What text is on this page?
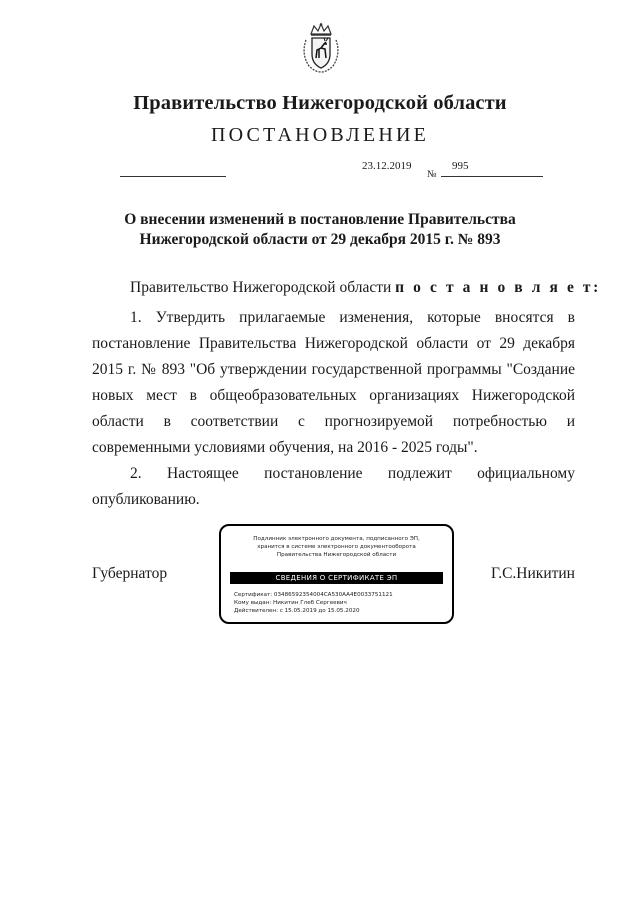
Правительство Нижегородской области
ПОСТАНОВЛЕНИЕ
23.12.2019
№
995
О внесении изменений в постановление Правительства
Нижегородской области от 29 декабря 2015 г. № 893
Правительство Нижегородской области п о с т а н о в л я е т:
1. Утвердить прилагаемые изменения, которые вносятся в постановление Правительства Нижегородской области от 29 декабря 2015 г. № 893 "Об утверждении государственной программы "Создание новых мест в общеобразовательных организациях Нижегородской области в соответствии с прогнозируемой потребностью и современными условиями обучения, на 2016 - 2025 годы".
2. Настоящее постановление подлежит официальному опубликованию.
Губернатор	Г.С.Никитин
Подлинник электронного документа, подписанного ЭП,
хранится в системе электронного документооборота
Правительства Нижегородской области
СВЕДЕНИЯ О СЕРТИФИКАТЕ ЭП
Сертификат: 03486592354004CA530AA4E0033751121
Кому выдан: Никитин Глеб Сергеевич
Действителен: с 15.05.2019 до 15.05.2020
